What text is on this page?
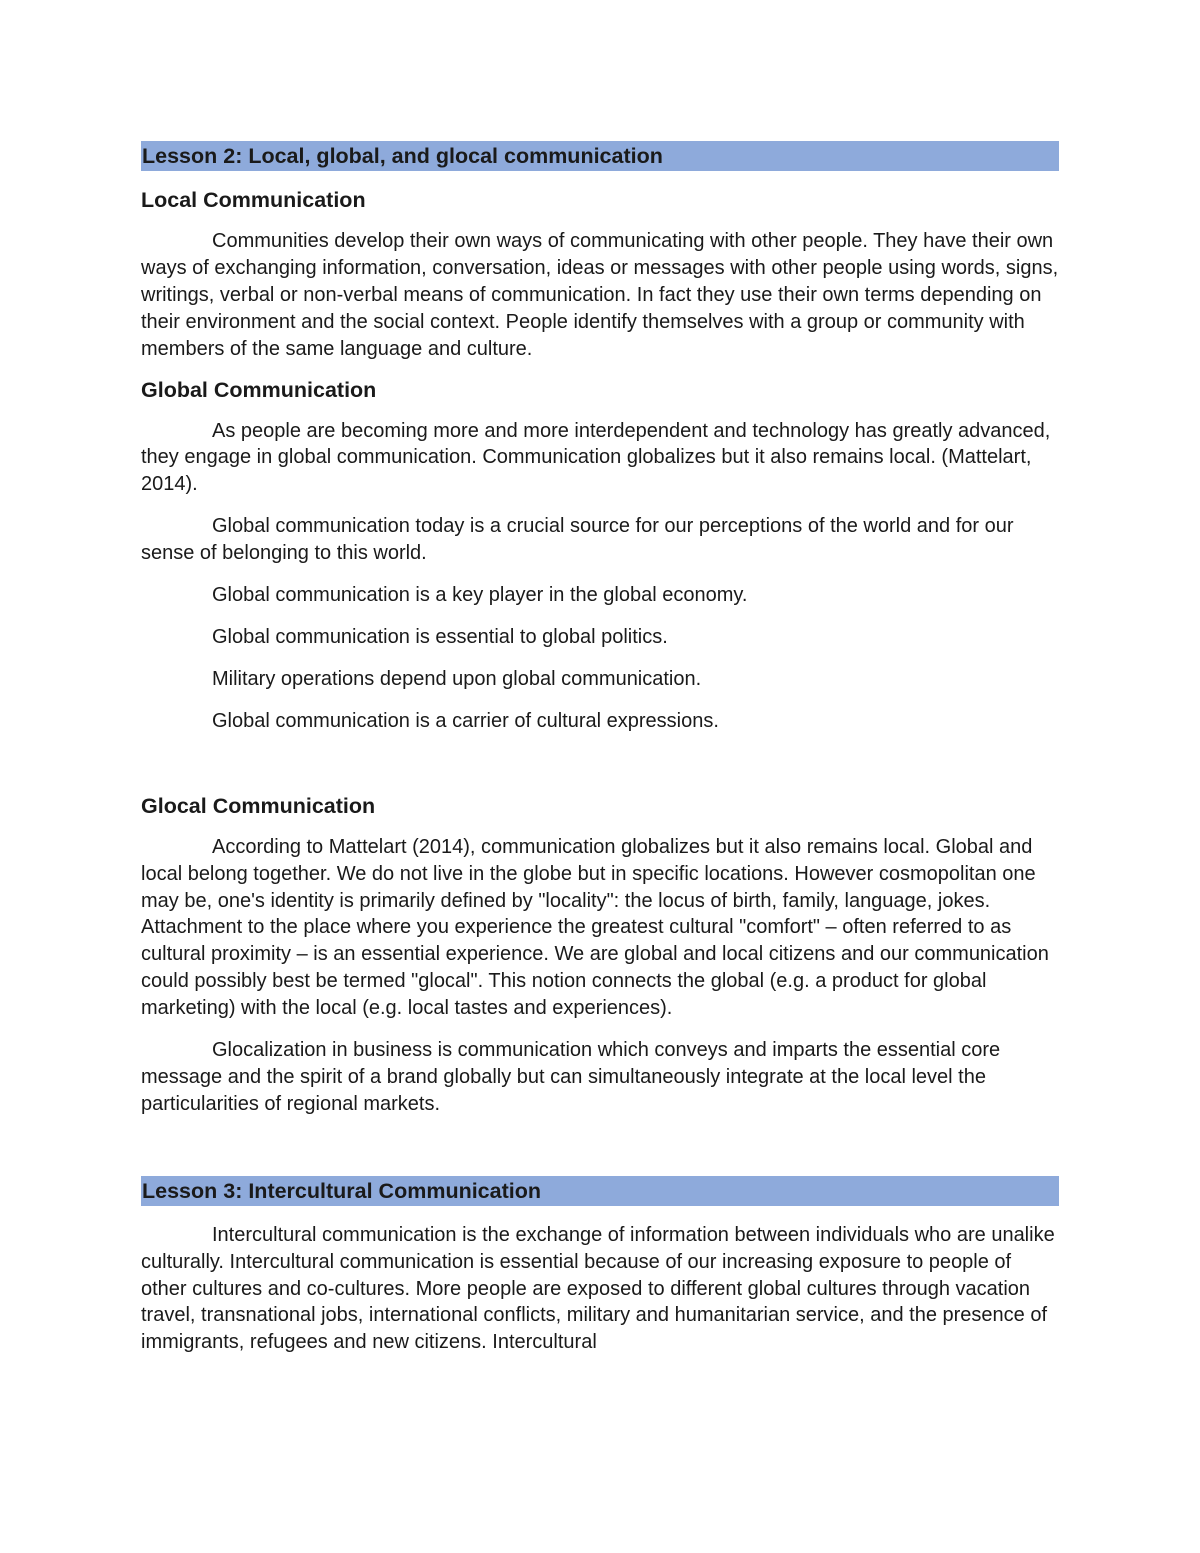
Lesson 2: Local, global, and glocal communication
Local Communication

Communities develop their own ways of communicating with other people. They have their own ways of exchanging information, conversation, ideas or messages with other people using words, signs, writings, verbal or non-verbal means of communication. In fact they use their own terms depending on their environment and the social context. People identify themselves with a group or community with members of the same language and culture.

Global Communication

As people are becoming more and more interdependent and technology has greatly advanced, they engage in global communication. Communication globalizes but it also remains local. (Mattelart, 2014).

Global communication today is a crucial source for our perceptions of the world and for our sense of belonging to this world.

Global communication is a key player in the global economy.

Global communication is essential to global politics.

Military operations depend upon global communication.

Global communication is a carrier of cultural expressions.

Glocal Communication

According to Mattelart (2014), communication globalizes but it also remains local. Global and local belong together. We do not live in the globe but in specific locations. However cosmopolitan one may be, one's identity is primarily defined by "locality": the locus of birth, family, language, jokes. Attachment to the place where you experience the greatest cultural "comfort" – often referred to as cultural proximity – is an essential experience. We are global and local citizens and our communication could possibly best be termed "glocal". This notion connects the global (e.g. a product for global marketing) with the local (e.g. local tastes and experiences).

Glocalization in business is communication which conveys and imparts the essential core message and the spirit of a brand globally but can simultaneously integrate at the local level the particularities of regional markets.

Lesson 3: Intercultural Communication

Intercultural communication is the exchange of information between individuals who are unalike culturally. Intercultural communication is essential because of our increasing exposure to people of other cultures and co-cultures. More people are exposed to different global cultures through vacation travel, transnational jobs, international conflicts, military and humanitarian service, and the presence of immigrants, refugees and new citizens. Intercultural
